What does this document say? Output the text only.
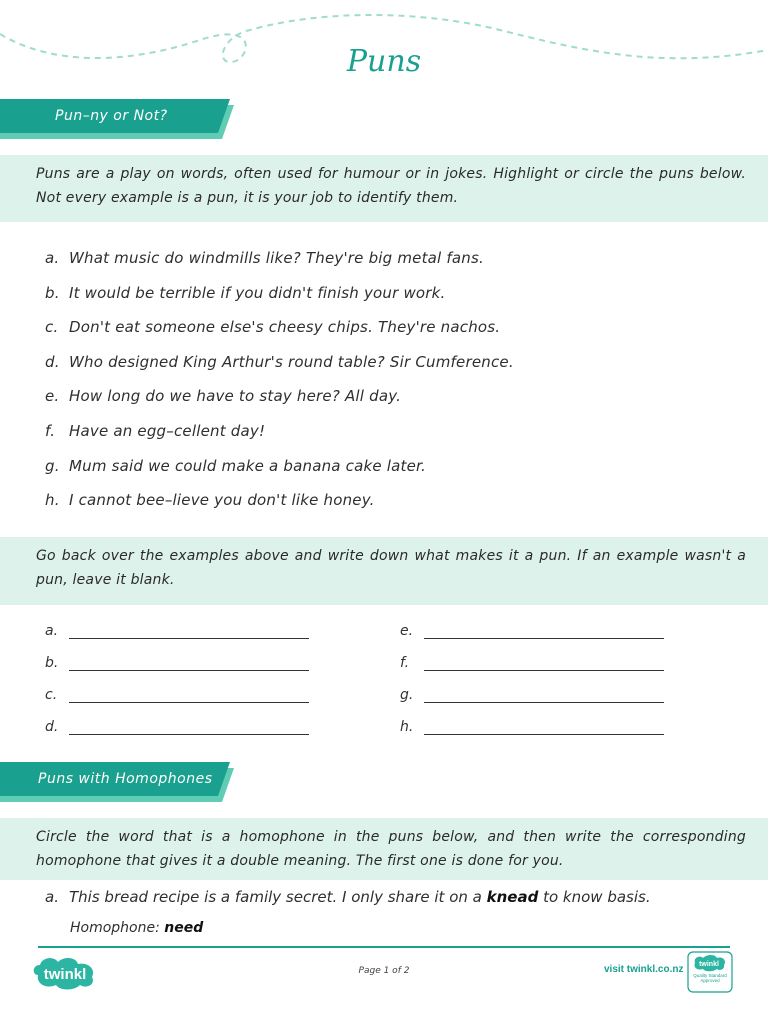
Puns
Pun–ny or Not?
Puns are a play on words, often used for humour or in jokes. Highlight or circle the puns below. Not every example is a pun, it is your job to identify them.
a. What music do windmills like? They're big metal fans.
b. It would be terrible if you didn't finish your work.
c. Don't eat someone else's cheesy chips. They're nachos.
d. Who designed King Arthur's round table? Sir Cumference.
e. How long do we have to stay here? All day.
f. Have an egg–cellent day!
g. Mum said we could make a banana cake later.
h. I cannot bee–lieve you don't like honey.
Go back over the examples above and write down what makes it a pun. If an example wasn't a pun, leave it blank.
a.
b.
c.
d.
e.
f.
g.
h.
Puns with Homophones
Circle the word that is a homophone in the puns below, and then write the corresponding homophone that gives it a double meaning. The first one is done for you.
a. This bread recipe is a family secret. I only share it on a knead to know basis.
Homophone: need
twinkl	Page 1 of 2	visit twinkl.co.nz twinkl
Quality Standard Approved
